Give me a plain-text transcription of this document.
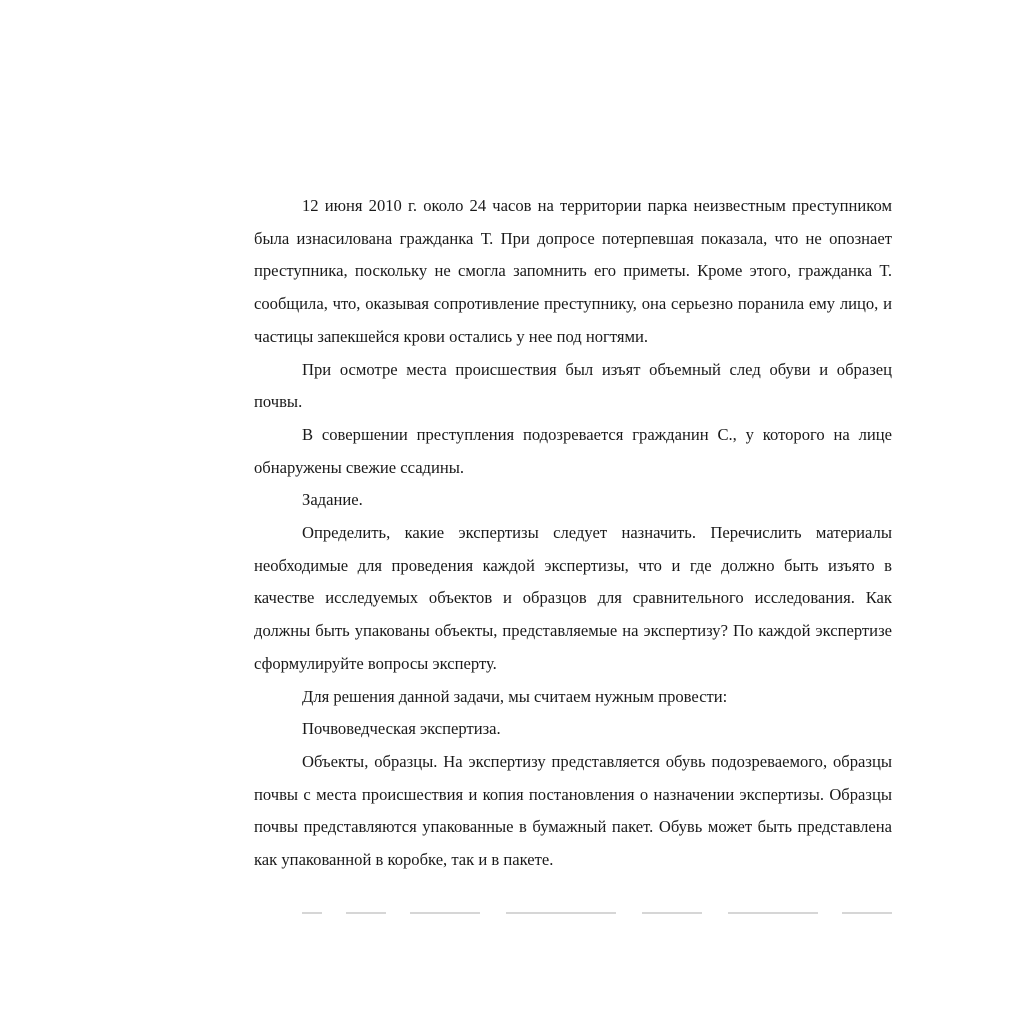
12 июня 2010 г. около 24 часов на территории парка неизвестным преступником была изнасилована гражданка Т. При допросе потерпевшая показала, что не опознает преступника, поскольку не смогла запомнить его приметы. Кроме этого, гражданка Т. сообщила, что, оказывая сопротивление преступнику, она серьезно поранила ему лицо, и частицы запекшейся крови остались у нее под ногтями.

При осмотре места происшествия был изъят объемный след обуви и образец почвы.

В совершении преступления подозревается гражданин С., у которого на лице обнаружены свежие ссадины.

Задание.

Определить, какие экспертизы следует назначить. Перечислить материалы необходимые для проведения каждой экспертизы, что и где должно быть изъято в качестве исследуемых объектов и образцов для сравнительного исследования. Как должны быть упакованы объекты, представляемые на экспертизу? По каждой экспертизе сформулируйте вопросы эксперту.

Для решения данной задачи, мы считаем нужным провести:

Почвоведческая экспертиза.

Объекты, образцы. На экспертизу представляется обувь подозреваемого, образцы почвы с места происшествия и копия постановления о назначении экспертизы. Образцы почвы представляются упакованные в бумажный пакет. Обувь может быть представлена как упакованной в коробке, так и в пакете.
